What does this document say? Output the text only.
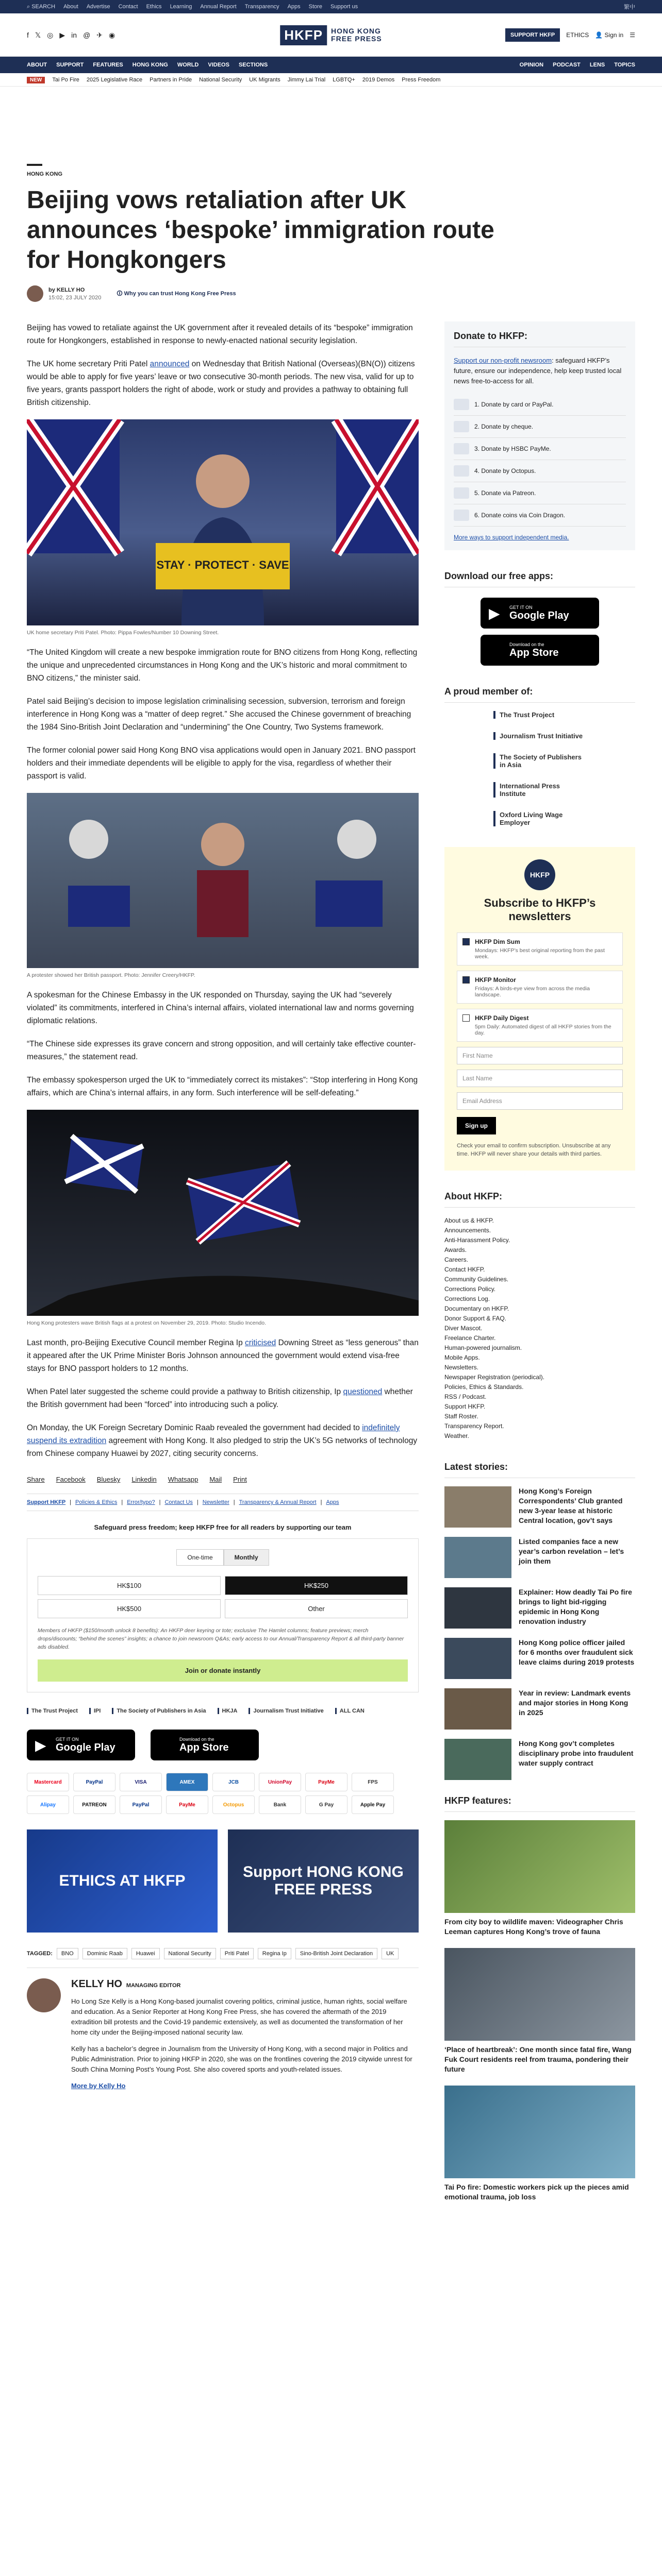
⌕ SEARCH About Advertise Contact Ethics Learning Annual Report Transparency Apps Store Support us	繁中
f 𝕏 ◎ ▶ in @ ✈ ◉	HKFP	HONG KONG
FREE PRESS	SUPPORT HKFP	ETHICS 👤 Sign in ☰
ABOUT SUPPORT FEATURES HONG KONG WORLD VIDEOS SECTIONS	OPINION PODCAST LENS TOPICS
NEW	Tai Po Fire 2025 Legislative Race Partners in Pride National Security UK Migrants Jimmy Lai Trial LGBTQ+ 2019 Demos Press Freedom
HONG KONG
Beijing vows retaliation after UK announces ‘bespoke’ immigration route for Hongkongers
by KELLY HO
15:02, 23 JULY 2020
🛈 Why you can trust Hong Kong Free Press

Beijing has vowed to retaliate against the UK government after it revealed details of its “bespoke” immigration route for Hongkongers, established in response to newly-enacted national security legislation.

The UK home secretary Priti Patel announced on Wednesday that British National (Overseas)(BN(O)) citizens would be able to apply for five years’ leave or two consecutive 30-month periods. The new visa, valid for up to five years, grants passport holders the right of abode, work or study and provides a pathway to obtaining full British citizenship.

STAY · PROTECT · SAVE
UK home secretary Priti Patel. Photo: Pippa Fowles/Number 10 Downing Street.

“The United Kingdom will create a new bespoke immigration route for BNO citizens from Hong Kong, reflecting the unique and unprecedented circumstances in Hong Kong and the UK’s historic and moral commitment to BNO citizens,” the minister said.

Patel said Beijing’s decision to impose legislation criminalising secession, subversion, terrorism and foreign interference in Hong Kong was a “matter of deep regret.” She accused the Chinese government of breaching the 1984 Sino-British Joint Declaration and “undermining” the One Country, Two Systems framework.

The former colonial power said Hong Kong BNO visa applications would open in January 2021. BNO passport holders and their immediate dependents will be eligible to apply for the visa, regardless of whether their passport is valid.

A protester showed her British passport. Photo: Jennifer Creery/HKFP.

A spokesman for the Chinese Embassy in the UK responded on Thursday, saying the UK had “severely violated” its commitments, interfered in China’s internal affairs, violated international law and norms governing diplomatic relations.

“The Chinese side expresses its grave concern and strong opposition, and will certainly take effective counter-measures,” the statement read.

The embassy spokesperson urged the UK to “immediately correct its mistakes”: “Stop interfering in Hong Kong affairs, which are China’s internal affairs, in any form. Such interference will be self-defeating.”

Hong Kong protesters wave British flags at a protest on November 29, 2019. Photo: Studio Incendo.

Last month, pro-Beijing Executive Council member Regina Ip criticised Downing Street as “less generous” than it appeared after the UK Prime Minister Boris Johnson announced the government would extend visa-free stays for BNO passport holders to 12 months.

When Patel later suggested the scheme could provide a pathway to British citizenship, Ip questioned whether the British government had been “forced” into introducing such a policy.

On Monday, the UK Foreign Secretary Dominic Raab revealed the government had decided to indefinitely suspend its extradition agreement with Hong Kong. It also pledged to strip the UK’s 5G networks of technology from Chinese company Huawei by 2027, citing security concerns.

Share Facebook Bluesky Linkedin Whatsapp Mail Print
Support HKFP | Policies & Ethics | Error/typo? | Contact Us | Newsletter | Transparency & Annual Report | Apps
Safeguard press freedom; keep HKFP free for all readers by supporting our team
One-time	Monthly
HK$100	HK$250
HK$500	Other
Members of HKFP ($150/month unlock 8 benefits): An HKFP deer keyring or tote; exclusive The Hamlet columns; feature previews; merch drops/discounts; “behind the scenes” insights; a chance to join newsroom Q&As; early access to our Annual/Transparency Report & all third-party banner ads disabled.
Join or donate instantly
The Trust Project	IPI	The Society of Publishers in Asia	HKJA	Journalism Trust Initiative	ALL CAN
▶ GET IT ON
Google Play
Download on the
App Store
Mastercard	PayPal	VISA	AMEX	JCB	UnionPay	PayMe	FPS
Alipay	PATREON	PayPal	PayMe	Octopus	Bank	G Pay	Apple Pay
ETHICS AT HKFP
Support HONG KONG FREE PRESS
TAGGED:	BNO	Dominic Raab	Huawei	National Security	Priti Patel	Regina Ip	Sino-British Joint Declaration	UK
KELLY HO MANAGING EDITOR

Ho Long Sze Kelly is a Hong Kong-based journalist covering politics, criminal justice, human rights, social welfare and education. As a Senior Reporter at Hong Kong Free Press, she has covered the aftermath of the 2019 extradition bill protests and the Covid-19 pandemic extensively, as well as documented the transformation of her home city under the Beijing-imposed national security law.

Kelly has a bachelor’s degree in Journalism from the University of Hong Kong, with a second major in Politics and Public Administration. Prior to joining HKFP in 2020, she was on the frontlines covering the 2019 citywide unrest for South China Morning Post’s Young Post. She also covered sports and youth-related issues.

More by Kelly Ho

Donate to HKFP:

Support our non-profit newsroom: safeguard HKFP’s future, ensure our independence, help keep trusted local news free-to-access for all.

1. Donate by card or PayPal.
2. Donate by cheque.
3. Donate by HSBC PayMe.
4. Donate by Octopus.
5. Donate via Patreon.
6. Donate coins via Coin Dragon.
More ways to support independent media.
Download our free apps:
▶ GET IT ON
Google Play
Download on the
App Store
A proud member of:
The Trust Project
Journalism Trust Initiative
The Society of Publishers in Asia
International Press Institute
Oxford Living Wage Employer
HKFP
Subscribe to HKFP’s newsletters
HKFP Dim Sum
Mondays: HKFP’s best original reporting from the past week.
HKFP Monitor
Fridays: A birds-eye view from across the media landscape.
HKFP Daily Digest
5pm Daily: Automated digest of all HKFP stories from the day.
First Name
Last Name
Email Address
Sign up
Check your email to confirm subscription. Unsubscribe at any time. HKFP will never share your details with third parties.
About HKFP:
About us & HKFP.
Announcements.
Anti-Harassment Policy.
Awards.
Careers.
Contact HKFP.
Community Guidelines.
Corrections Policy.
Corrections Log.
Documentary on HKFP.
Donor Support & FAQ.
Diver Mascot.
Freelance Charter.
Human-powered journalism.
Mobile Apps.
Newsletters.
Newspaper Registration (periodical).
Policies, Ethics & Standards.
RSS / Podcast.
Support HKFP.
Staff Roster.
Transparency Report.
Weather.
Latest stories:
Hong Kong’s Foreign Correspondents’ Club granted new 3-year lease at historic Central location, gov’t says
Listed companies face a new year’s carbon revelation – let’s join them
Explainer: How deadly Tai Po fire brings to light bid-rigging epidemic in Hong Kong renovation industry
Hong Kong police officer jailed for 6 months over fraudulent sick leave claims during 2019 protests
Year in review: Landmark events and major stories in Hong Kong in 2025
Hong Kong gov’t completes disciplinary probe into fraudulent water supply contract
HKFP features:
From city boy to wildlife maven: Videographer Chris Leeman captures Hong Kong’s trove of fauna
‘Place of heartbreak’: One month since fatal fire, Wang Fuk Court residents reel from trauma, pondering their future
Tai Po fire: Domestic workers pick up the pieces amid emotional trauma, job loss
